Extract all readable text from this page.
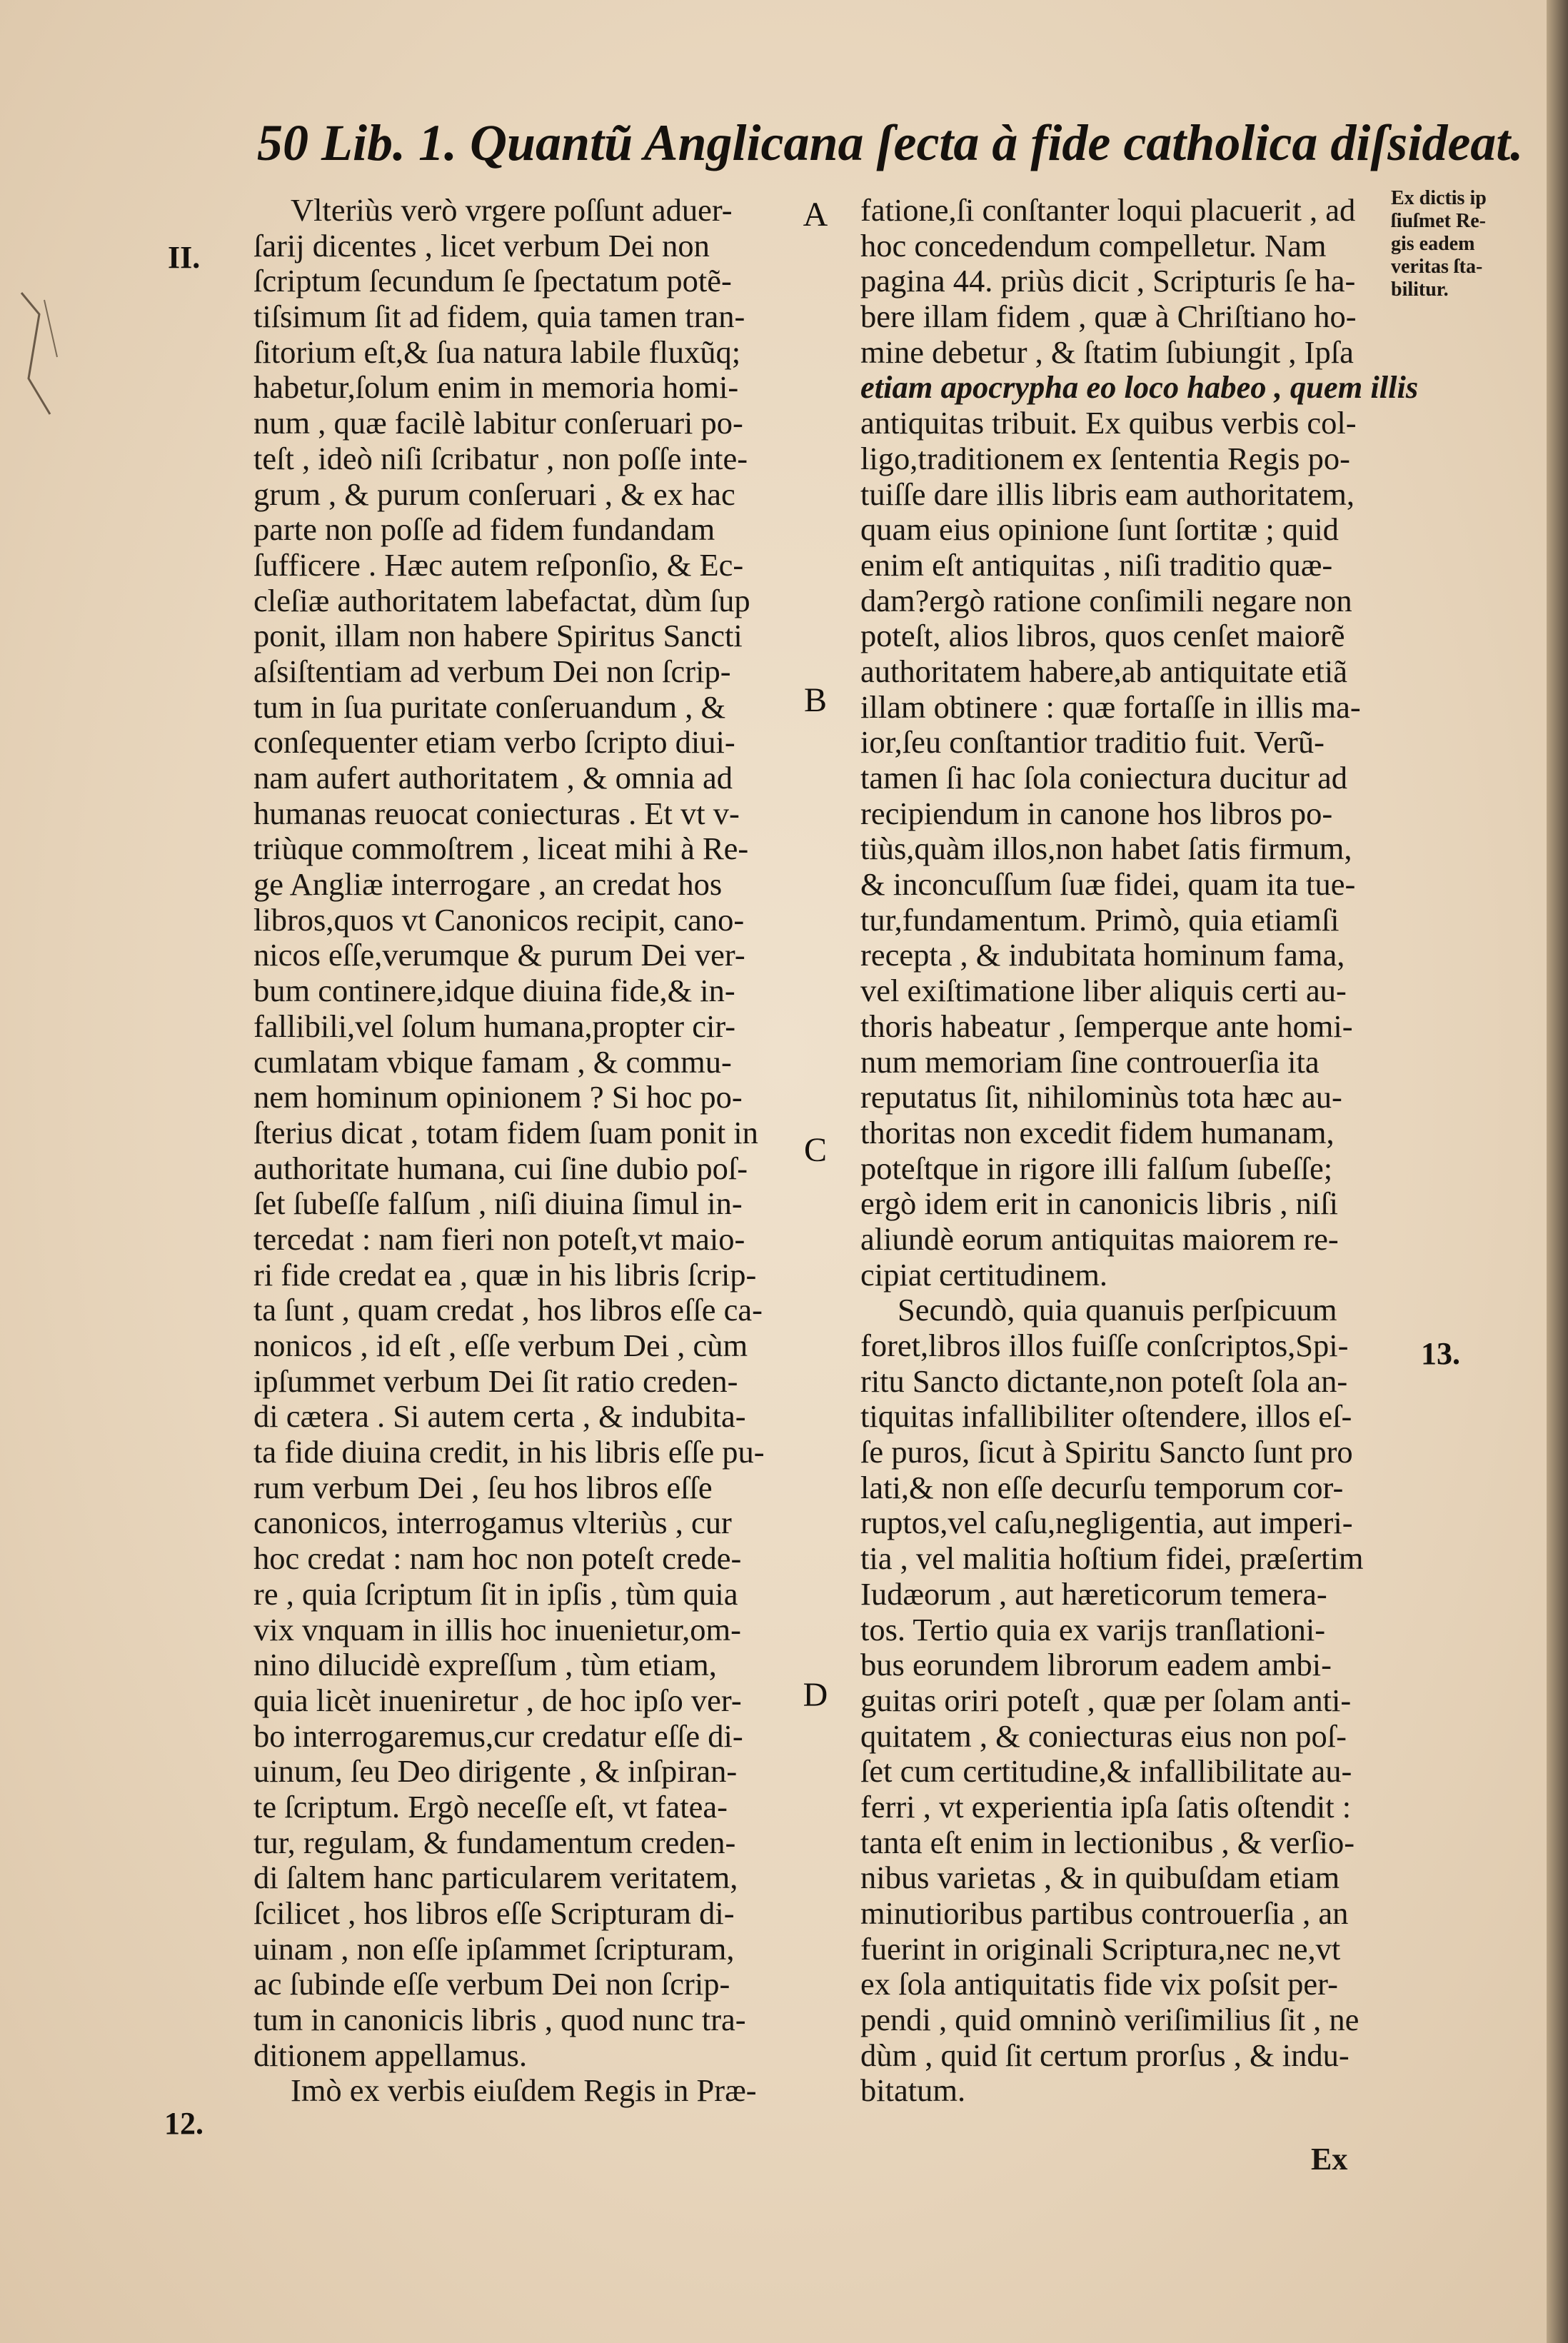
50 Lib. 1. Quantũ Anglicana ſecta à fide catholica diſsideat.
Vlteriùs verò vrgere poſſunt aduer-
ſarij dicentes , licet verbum Dei non
ſcriptum ſecundum ſe ſpectatum potẽ-
tiſsimum ſit ad fidem, quia tamen tran-
ſitorium eſt,& ſua natura labile fluxũq;
habetur,ſolum enim in memoria homi-
num , quæ facilè labitur conſeruari po-
teſt , ideò niſi ſcribatur , non poſſe inte-
grum , & purum conſeruari , & ex hac
parte non poſſe ad fidem fundandam
ſufficere . Hæc autem reſponſio, & Ec-
cleſiæ authoritatem labefactat, dùm ſup
ponit, illam non habere Spiritus Sancti
aſsiſtentiam ad verbum Dei non ſcrip-
tum in ſua puritate conſeruandum , &
conſequenter etiam verbo ſcripto diui-
nam aufert authoritatem , & omnia ad
humanas reuocat coniecturas . Et vt v-
triùque commoſtrem , liceat mihi à Re-
ge Angliæ interrogare , an credat hos
libros,quos vt Canonicos recipit, cano-
nicos eſſe,verumque & purum Dei ver-
bum continere,idque diuina fide,& in-
fallibili,vel ſolum humana,propter cir-
cumlatam vbique famam , & commu-
nem hominum opinionem ? Si hoc po-
ſterius dicat , totam fidem ſuam ponit in
authoritate humana, cui ſine dubio poſ-
ſet ſubeſſe falſum , niſi diuina ſimul in-
tercedat : nam fieri non poteſt,vt maio-
ri fide credat ea , quæ in his libris ſcrip-
ta ſunt , quam credat , hos libros eſſe ca-
nonicos , id eſt , eſſe verbum Dei , cùm
ipſummet verbum Dei ſit ratio creden-
di cætera . Si autem certa , & indubita-
ta fide diuina credit, in his libris eſſe pu-
rum verbum Dei , ſeu hos libros eſſe
canonicos, interrogamus vlteriùs , cur
hoc credat : nam hoc non poteſt crede-
re , quia ſcriptum ſit in ipſis , tùm quia
vix vnquam in illis hoc inuenietur,om-
nino dilucidè expreſſum , tùm etiam,
quia licèt inueniretur , de hoc ipſo ver-
bo interrogaremus,cur credatur eſſe di-
uinum, ſeu Deo dirigente , & inſpiran-
te ſcriptum. Ergò neceſſe eſt, vt fatea-
tur, regulam, & fundamentum creden-
di ſaltem hanc particularem veritatem,
ſcilicet , hos libros eſſe Scripturam di-
uinam , non eſſe ipſammet ſcripturam,
ac ſubinde eſſe verbum Dei non ſcrip-
tum in canonicis libris , quod nunc tra-
ditionem appellamus.
Imò ex verbis eiuſdem Regis in Præ-
fatione,ſi conſtanter loqui placuerit , ad
hoc concedendum compelletur. Nam
pagina 44. priùs dicit , Scripturis ſe ha-
bere illam fidem , quæ à Chriſtiano ho-
mine debetur , & ſtatim ſubiungit , Ipſa
etiam apocrypha eo loco habeo , quem illis
antiquitas tribuit. Ex quibus verbis col-
ligo,traditionem ex ſententia Regis po-
tuiſſe dare illis libris eam authoritatem,
quam eius opinione ſunt ſortitæ ; quid
enim eſt antiquitas , niſi traditio quæ-
dam?ergò ratione conſimili negare non
poteſt, alios libros, quos cenſet maiorẽ
authoritatem habere,ab antiquitate etiã
illam obtinere : quæ fortaſſe in illis ma-
ior,ſeu conſtantior traditio fuit. Verũ-
tamen ſi hac ſola coniectura ducitur ad
recipiendum in canone hos libros po-
tiùs,quàm illos,non habet ſatis firmum,
& inconcuſſum ſuæ fidei, quam ita tue-
tur,fundamentum. Primò, quia etiamſi
recepta , & indubitata hominum fama,
vel exiſtimatione liber aliquis certi au-
thoris habeatur , ſemperque ante homi-
num memoriam ſine controuerſia ita
reputatus ſit, nihilominùs tota hæc au-
thoritas non excedit fidem humanam,
poteſtque in rigore illi falſum ſubeſſe;
ergò idem erit in canonicis libris , niſi
aliundè eorum antiquitas maiorem re-
cipiat certitudinem.
Secundò, quia quanuis perſpicuum
foret,libros illos fuiſſe conſcriptos,Spi-
ritu Sancto dictante,non poteſt ſola an-
tiquitas infallibiliter oſtendere, illos eſ-
ſe puros, ſicut à Spiritu Sancto ſunt pro
lati,& non eſſe decurſu temporum cor-
ruptos,vel caſu,negligentia, aut imperi-
tia , vel malitia hoſtium fidei, præſertim
Iudæorum , aut hæreticorum temera-
tos. Tertio quia ex varijs tranſlationi-
bus eorundem librorum eadem ambi-
guitas oriri poteſt , quæ per ſolam anti-
quitatem , & coniecturas eius non poſ-
ſet cum certitudine,& infallibilitate au-
ferri , vt experientia ipſa ſatis oſtendit :
tanta eſt enim in lectionibus , & verſio-
nibus varietas , & in quibuſdam etiam
minutioribus partibus controuerſia , an
fuerint in originali Scriptura,nec ne,vt
ex ſola antiquitatis fide vix poſsit per-
pendi , quid omninò veriſimilius ſit , ne
dùm , quid ſit certum prorſus , & indu-
bitatum.
A
B
C
D
II.
12.
13.
Ex dictis ip
ſiuſmet Re-
gis eadem
veritas ſta-
bilitur.
Ex
